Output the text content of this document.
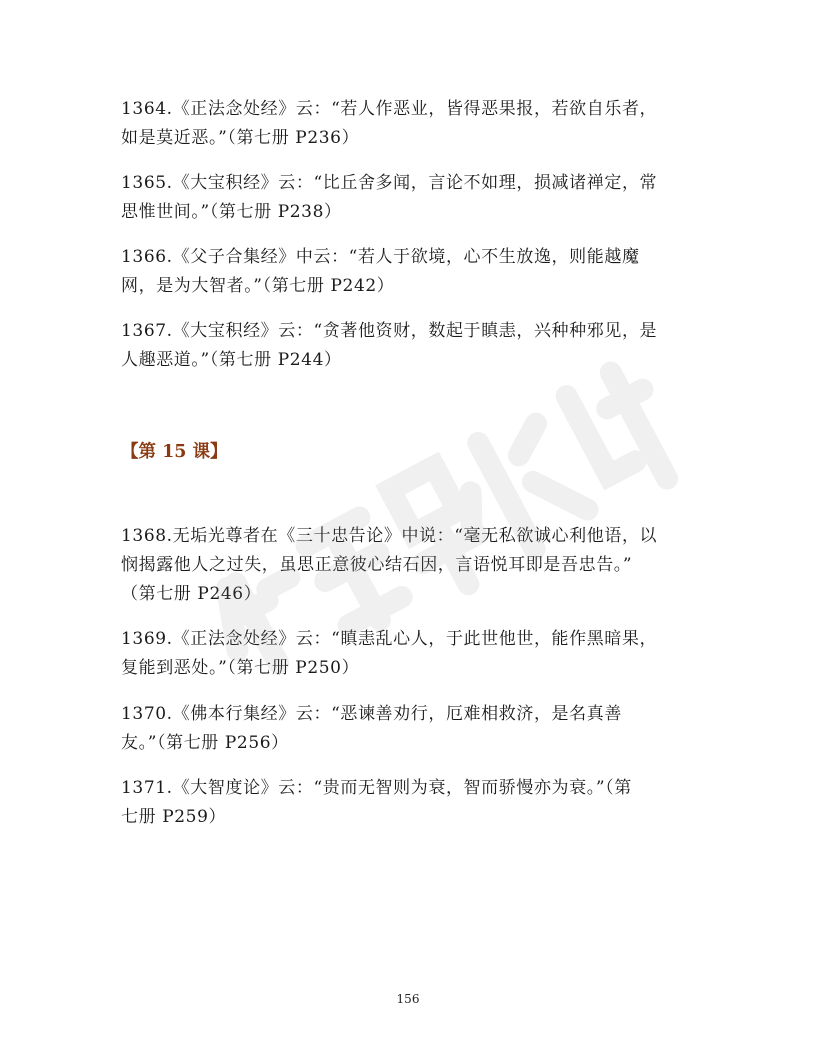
1364.《正法念处经》云：“若人作恶业，皆得恶果报，若欲自乐者，
如是莫近恶。”（第七册 P236）

1365.《大宝积经》云：“比丘舍多闻，言论不如理，损减诸禅定，常
思惟世间。”（第七册 P238）

1366.《父子合集经》中云：“若人于欲境，心不生放逸，则能越魔
网，是为大智者。”（第七册 P242）

1367.《大宝积经》云：“贪著他资财，数起于瞋恚，兴种种邪见，是
人趣恶道。”（第七册 P244）

【第 15 课】

1368.无垢光尊者在《三十忠告论》中说：“毫无私欲诚心利他语，以
悯揭露他人之过失，虽思正意彼心结石因，言语悦耳即是吾忠告。”
（第七册 P246）

1369.《正法念处经》云：“瞋恚乱心人，于此世他世，能作黑暗果，
复能到恶处。”（第七册 P250）

1370.《佛本行集经》云：“恶谏善劝行，厄难相救济，是名真善
友。”（第七册 P256）

1371.《大智度论》云：“贵而无智则为衰，智而骄慢亦为衰。”（第
七册 P259）

156
